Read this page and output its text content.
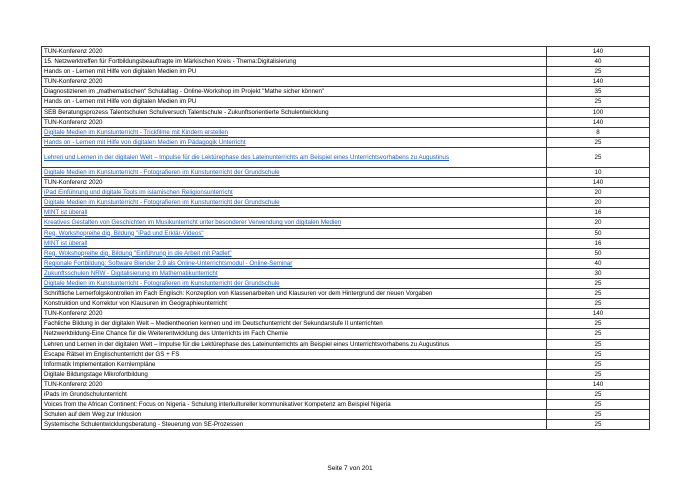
TUN-Konferenz 2020	140
15. Netzwerktreffen für Fortbildungsbeauftragte im Märkischen Kreis - Thema:Digitalisierung	40
Hands on - Lernen mit Hilfe von digitalen Medien im PU	25
TUN-Konferenz 2020	140
Diagnostizieren im „mathematischen“ Schulalltag - Online-Workshop im Projekt "Mathe sicher können"	35
Hands on - Lernen mit Hilfe von digitalen Medien im PU	25
SEB Beratungsprozess Talentschulen Schulversuch Talentschule - Zukunftsorientierte Schulentwicklung	100
TUN-Konferenz 2020	140
Digitale Medien im Kunstunterricht - Trickfilme mit Kindern erstellen	8
Hands on - Lernen mit Hilfe von digitalen Medien im Pädagogik Unterricht	25
Lehren und Lernen in der digitalen Welt – Impulse für die Lektürephase des Lateinunterrichts am Beispiel eines Unterrichtsvorhabens zu Augustinus	25
Digitale Medien im Kunstunterricht - Fotografieren im Kunstunterricht der Grundschule	10
TUN-Konferenz 2020	140
iPad Einführung und digitale Tools im islamischen Religionsunterricht	20
Digitale Medien im Kunstunterricht - Fotografieren im Kunstunterricht der Grundschule	20
MINT ist überall	16
Kreatives Gestalten von Geschichten im Musikunterricht unter besonderer Verwendung von digitalen Medien	20
Reg. Workshopreihe dig. Bildung "iPad und Erklär-Videos"	50
MINT ist überall	16
Reg. Wokshopreihe dig. Bildung "Einführung in die Arbeit mit Padlet"	50
Regionale Fortbildung: Software Blender 2.9 als Online-Unterrichtsmodul - Online-Seminar	40
Zukunftsschulen NRW - Digitalisierung im Mathematikunterricht	30
Digitale Medien im Kunstunterricht - Fotografieren im Kunstunterricht der Grundschule	25
Schriftliche Lernerfolgskontrollen im Fach Englisch: Konzeption von Klassenarbeiten und Klausuren vor dem Hintergrund der neuen Vorgaben	25
Konstruktion und Korrektur von Klausuren im Geographieunterricht	25
TUN-Konferenz 2020	140
Fachliche Bildung in der digitalen Welt – Medientheorien kennen und im Deutschunterricht der Sekundarstufe II unterrichten	25
Netzwerkbildung-Eine Chance für die Weiterentwicklung des Unterrichts im Fach Chemie	25
Lehren und Lernen in der digitalen Welt – Impulse für die Lektürephase des Lateinunterrichts am Beispiel eines Unterrichtsvorhabens zu Augustinus	25
Escape Rätsel im Englischunterricht der GS + FS	25
Informatik Implementation Kernlernpläne	25
Digitale Bildungstage Mikrofortbildung	25
TUN-Konferenz 2020	140
iPads im Grundschulunterricht	25
Voices from the African Continent: Focus on Nigeria - Schulung interkultureller kommunikativer Kompetenz am Beispiel Nigeria	25
Schulen auf dem Weg zur Inklusion	25
Systemische Schulentwicklungsberatung - Steuerung von SE-Prozessen	25
Seite 7 von 201
